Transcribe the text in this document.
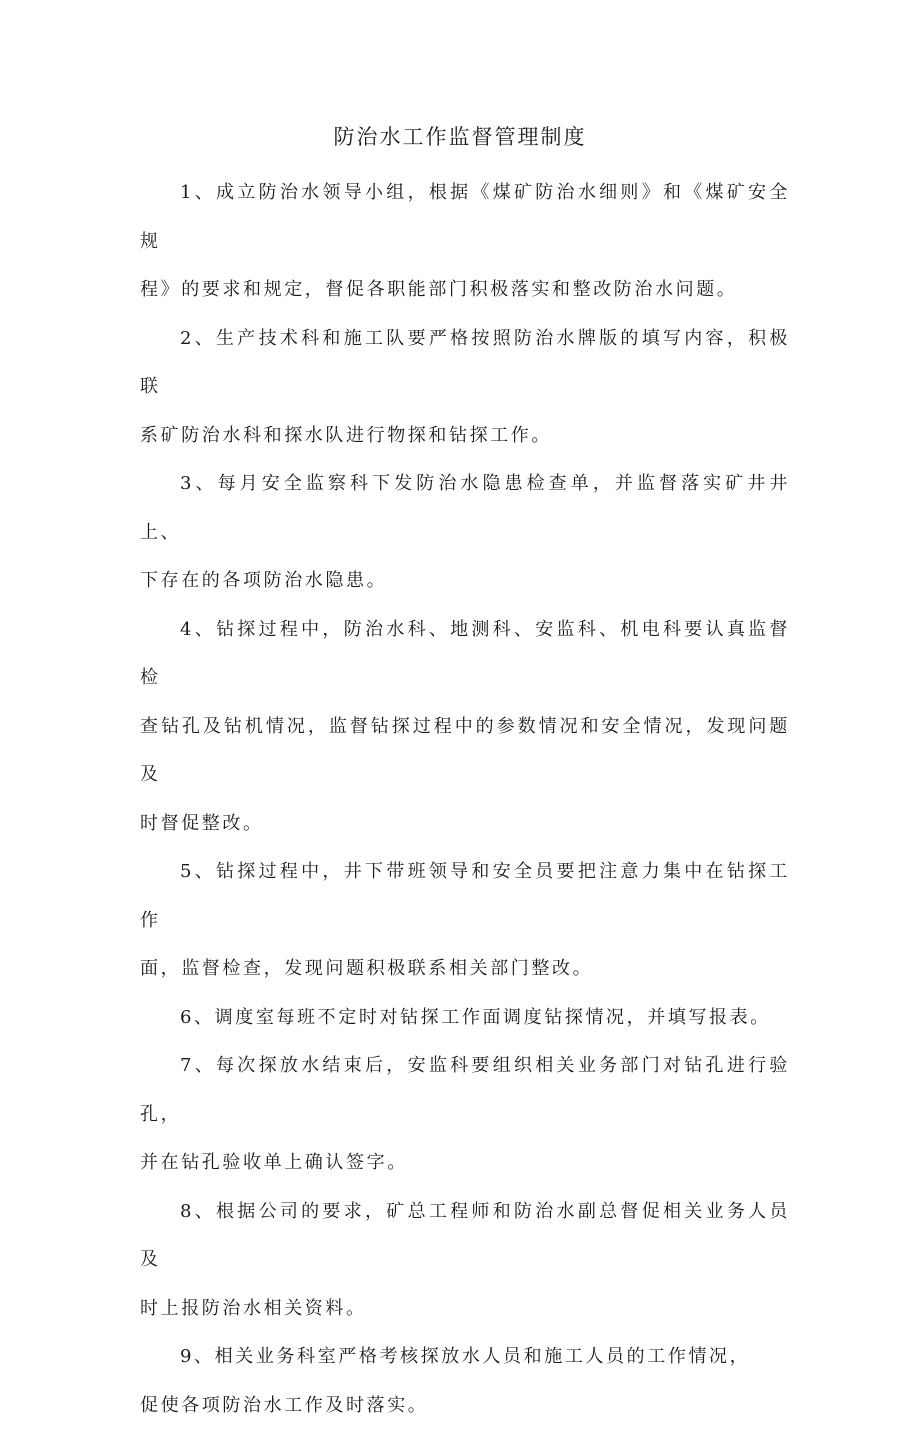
防治水工作监督管理制度

1、成立防治水领导小组，根据《煤矿防治水细则》和《煤矿安全规
程》的要求和规定，督促各职能部门积极落实和整改防治水问题。

2、生产技术科和施工队要严格按照防治水牌版的填写内容，积极联
系矿防治水科和探水队进行物探和钻探工作。

3、每月安全监察科下发防治水隐患检查单，并监督落实矿井井上、
下存在的各项防治水隐患。

4、钻探过程中，防治水科、地测科、安监科、机电科要认真监督检
查钻孔及钻机情况，监督钻探过程中的参数情况和安全情况，发现问题及
时督促整改。

5、钻探过程中，井下带班领导和安全员要把注意力集中在钻探工作
面，监督检查，发现问题积极联系相关部门整改。

6、调度室每班不定时对钻探工作面调度钻探情况，并填写报表。

7、每次探放水结束后，安监科要组织相关业务部门对钻孔进行验孔，
并在钻孔验收单上确认签字。

8、根据公司的要求，矿总工程师和防治水副总督促相关业务人员及
时上报防治水相关资料。

9、相关业务科室严格考核探放水人员和施工人员的工作情况，
促使各项防治水工作及时落实。
